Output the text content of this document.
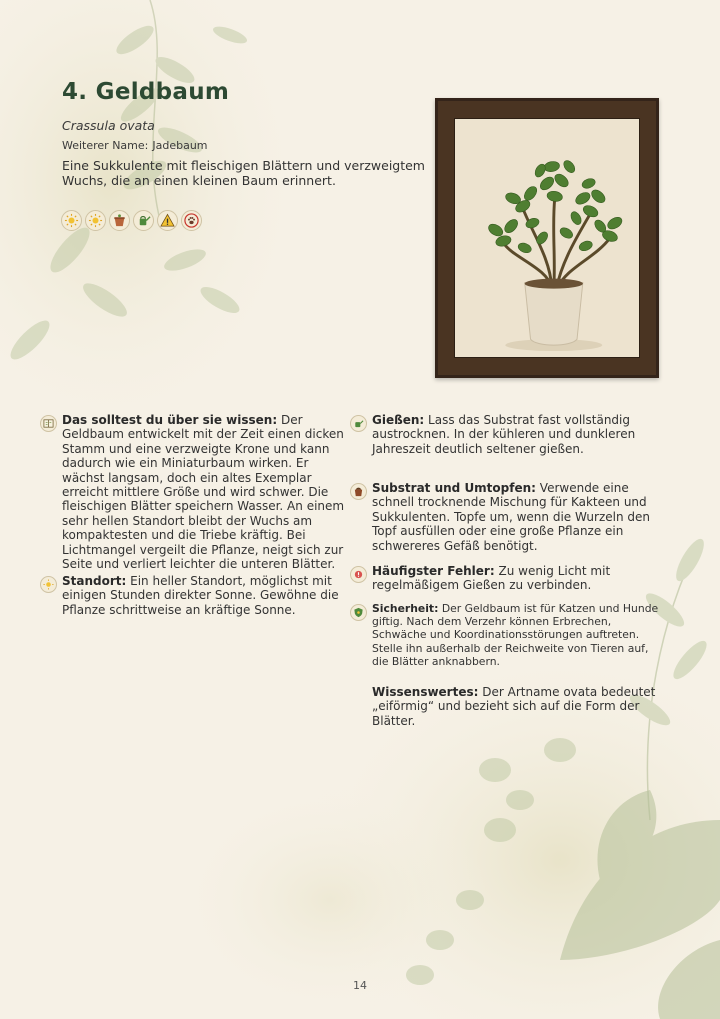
4. Geldbaum
Crassula ovata
Weiterer Name: Jadebaum

Eine Sukkulente mit fleischigen Blättern und verzweigtem Wuchs, die an einen kleinen Baum erinnert.

Das solltest du über sie wissen: Der Geldbaum entwickelt mit der Zeit einen dicken Stamm und eine verzweigte Krone und kann dadurch wie ein Miniaturbaum wirken. Er wächst langsam, doch ein altes Exemplar erreicht mittlere Größe und wird schwer. Die fleischigen Blätter speichern Wasser. An einem sehr hellen Standort bleibt der Wuchs am kompaktesten und die Triebe kräftig. Bei Lichtmangel vergeilt die Pflanze, neigt sich zur Seite und verliert leichter die unteren Blätter.

Standort: Ein heller Standort, möglichst mit einigen Stunden direkter Sonne. Gewöhne die Pflanze schrittweise an kräftige Sonne.

Gießen: Lass das Substrat fast vollständig austrocknen. In der kühleren und dunkleren Jahreszeit deutlich seltener gießen.

Substrat und Umtopfen: Verwende eine schnell trocknende Mischung für Kakteen und Sukkulenten. Topfe um, wenn die Wurzeln den Topf ausfüllen oder eine große Pflanze ein schwereres Gefäß benötigt.

Häufigster Fehler: Zu wenig Licht mit regelmäßigem Gießen zu verbinden.

Sicherheit: Der Geldbaum ist für Katzen und Hunde giftig. Nach dem Verzehr können Erbrechen, Schwäche und Koordinationsstörungen auftreten. Stelle ihn außerhalb der Reichweite von Tieren auf, die Blätter anknabbern.

Wissenswertes: Der Artname ovata bedeutet „eiförmig“ und bezieht sich auf die Form der Blätter.

14
